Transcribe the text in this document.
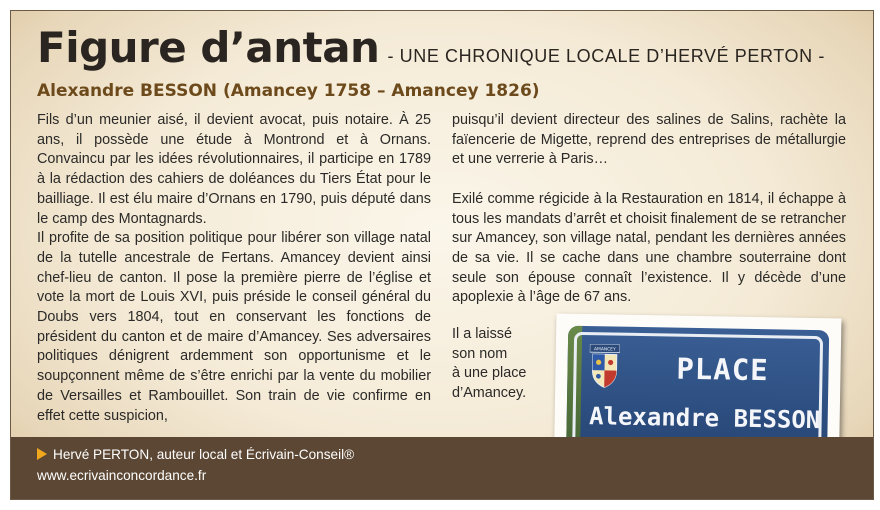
Figure d’antan - UNE CHRONIQUE LOCALE D’HERVÉ PERTON -
Alexandre BESSON (Amancey 1758 – Amancey 1826)

Fils d’un meunier aisé, il devient avocat, puis notaire. À 25 ans, il possède une étude à Montrond et à Ornans. Convaincu par les idées révolutionnaires, il participe en 1789 à la rédaction des cahiers de doléances du Tiers État pour le bailliage. Il est élu maire d’Ornans en 1790, puis député dans le camp des Montagnards.

Il profite de sa position politique pour libérer son village natal de la tutelle ancestrale de Fertans. Amancey devient ainsi chef-lieu de canton. Il pose la première pierre de l’église et vote la mort de Louis XVI, puis préside le conseil général du Doubs vers 1804, tout en conservant les fonctions de président du canton et de maire d’Amancey. Ses adversaires politiques dénigrent ardemment son opportunisme et le soupçonnent même de s’être enrichi par la vente du mobilier de Versailles et Rambouillet. Son train de vie confirme en effet cette suspicion,

puisqu’il devient directeur des salines de Salins, rachète la faïencerie de Migette, reprend des entreprises de métallurgie et une verrerie à Paris…

Exilé comme régicide à la Restauration en 1814, il échappe à tous les mandats d’arrêt et choisit finalement de se retrancher sur Amancey, son village natal, pendant les dernières années de sa vie. Il se cache dans une chambre souterraine dont seule son épouse connaît l’existence. Il y décède d’une apoplexie à l’âge de 67 ans.

Il a laissé
son nom
à une place
d’Amancey.
AMANCEY
PLACE
Alexandre BESSON
Hervé PERTON, auteur local et Écrivain-Conseil®
www.ecrivainconcordance.fr
